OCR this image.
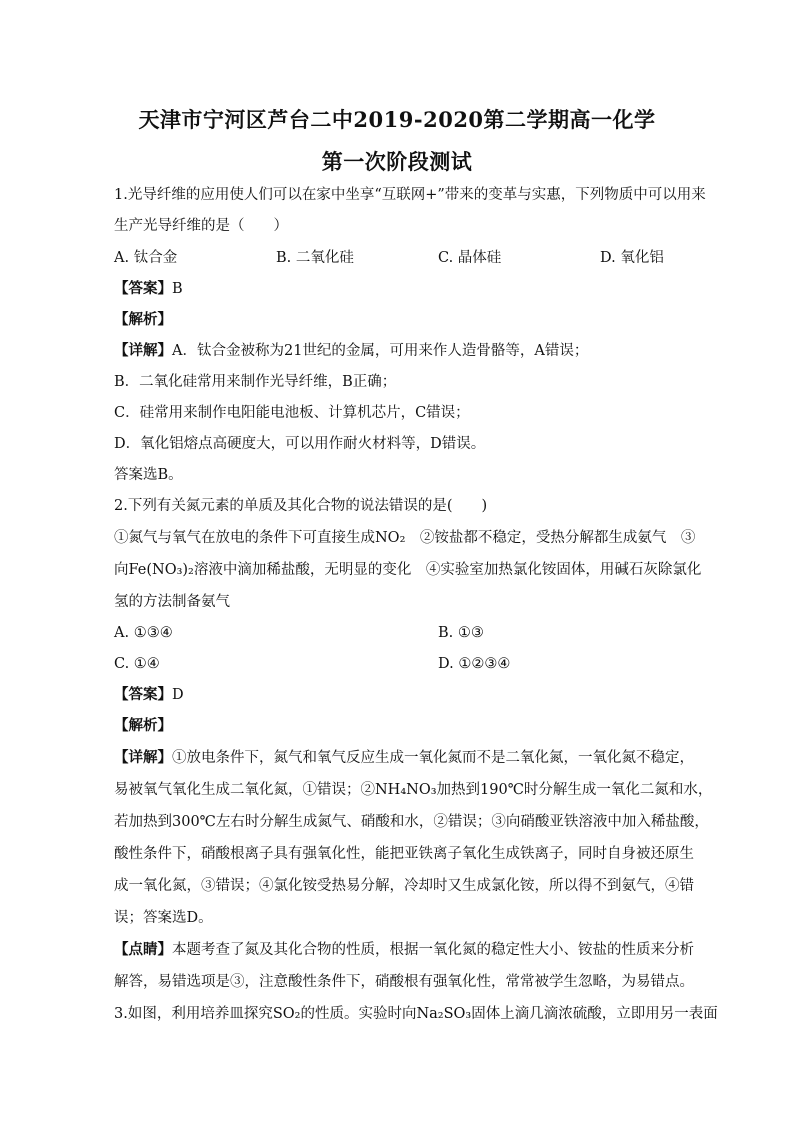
天津市宁河区芦台二中2019-2020第二学期高一化学
第一次阶段测试
1.光导纤维的应用使人们可以在家中坐享“互联网+”带来的变革与实惠，下列物质中可以用来
生产光导纤维的是（　　）
A. 钛合金	B. 二氧化硅	C. 晶体硅	D. 氧化铝
【答案】B
【解析】
【详解】A．钛合金被称为21世纪的金属，可用来作人造骨骼等，A错误；
B．二氧化硅常用来制作光导纤维，B正确；
C．硅常用来制作电阳能电池板、计算机芯片，C错误；
D．氧化铝熔点高硬度大，可以用作耐火材料等，D错误。
答案选B。
2.下列有关氮元素的单质及其化合物的说法错误的是(　　)
①氮气与氧气在放电的条件下可直接生成NO₂　②铵盐都不稳定，受热分解都生成氨气　③
向Fe(NO₃)₂溶液中滴加稀盐酸，无明显的变化　④实验室加热氯化铵固体，用碱石灰除氯化
氢的方法制备氨气
A. ①③④	B. ①③
C. ①④	D. ①②③④
【答案】D
【解析】
【详解】①放电条件下，氮气和氧气反应生成一氧化氮而不是二氧化氮，一氧化氮不稳定，
易被氧气氧化生成二氧化氮，①错误；②NH₄NO₃加热到190℃时分解生成一氧化二氮和水，
若加热到300℃左右时分解生成氮气、硝酸和水，②错误；③向硝酸亚铁溶液中加入稀盐酸，
酸性条件下，硝酸根离子具有强氧化性，能把亚铁离子氧化生成铁离子，同时自身被还原生
成一氧化氮，③错误；④氯化铵受热易分解，冷却时又生成氯化铵，所以得不到氨气，④错
误；答案选D。
【点睛】本题考查了氮及其化合物的性质，根据一氧化氮的稳定性大小、铵盐的性质来分析
解答，易错选项是③，注意酸性条件下，硝酸根有强氧化性，常常被学生忽略，为易错点。
3.如图，利用培养皿探究SO₂的性质。实验时向Na₂SO₃固体上滴几滴浓硫酸，立即用另一表面
